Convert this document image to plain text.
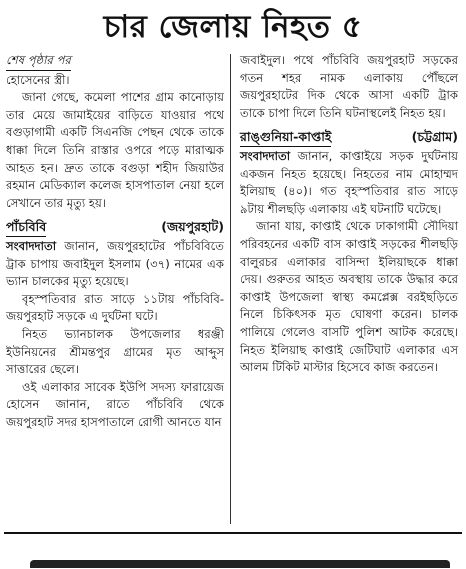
চার জেলায় নিহত ৫
শেষ পৃষ্ঠার পর

হোসেনের স্ত্রী।

জানা গেছে, কমেলা পাশের গ্রাম কানোড়ায় তার মেয়ে জামাইয়ের বাড়িতে যাওয়ার পথে বগুড়াগামী একটি সিএনজি পেছন থেকে তাকে ধাক্কা দিলে তিনি রাস্তার ওপরে পড়ে মারাত্মক আহত হন। দ্রুত তাকে বগুড়া শহীদ জিয়াউর রহমান মেডিক্যাল কলেজ হাসপাতাল নেয়া হলে সেখানে তার মৃত্যু হয়।

পাঁচবিবি	(জয়পুরহাট)

সংবাদদাতা জানান, জয়পুরহাটের পাঁচবিবিতে ট্রাক চাপায় জবাইদুল ইসলাম (৩৭) নামের এক ভ্যান চালকের মৃত্যু হয়েছে।

বৃহস্পতিবার রাত সাড়ে ১১টায় পাঁচবিবি-জয়পুরহাট সড়কে এ দুর্ঘটনা ঘটে।

নিহত ভ্যানচালক উপজেলার ধরঞ্জী ইউনিয়নের শ্রীমন্তপুর গ্রামের মৃত আব্দুস সাত্তারের ছেলে।

ওই এলাকার সাবেক ইউপি সদস্য ফারায়েজ হোসেন জানান, রাতে পাঁচবিবি থেকে জয়পুরহাট সদর হাসপাতালে রোগী আনতে যান

জবাইদুল। পথে পাঁচবিবি জয়পুরহাট সড়কের গতন শহর নামক এলাকায় পৌঁছলে জয়পুরহাটের দিক থেকে আসা একটি ট্রাক তাকে চাপা দিলে তিনি ঘটনাস্থলেই নিহত হয়।

রাঙ্গুনিয়া-কাপ্তাই	(চট্টগ্রাম)

সংবাদদাতা জানান, কাপ্তাইয়ে সড়ক দুর্ঘটনায় একজন নিহত হয়েছে। নিহতের নাম মোহাম্মদ ইলিয়াছ (৪০)। গত বৃহস্পতিবার রাত সাড়ে ৯টায় শীলছড়ি এলাকায় এই ঘটনাটি ঘটেছে।

জানা যায়, কাপ্তাই থেকে ঢাকাগামী সৌদিয়া পরিবহনের একটি বাস কাপ্তাই সড়কের শীলছড়ি বালুরচর এলাকার বাসিন্দা ইলিয়াছকে ধাক্কা দেয়। গুরুতর আহত অবস্থায় তাকে উদ্ধার করে কাপ্তাই উপজেলা স্বাস্থ্য কমপ্লেক্স বরইছড়িতে নিলে চিকিৎসক মৃত ঘোষণা করেন। চালক পালিয়ে গেলেও বাসটি পুলিশ আটক করেছে। নিহত ইলিয়াছ কাপ্তাই জেটিঘাট এলাকার এস আলম টিকিট মাস্টার হিসেবে কাজ করতেন।
